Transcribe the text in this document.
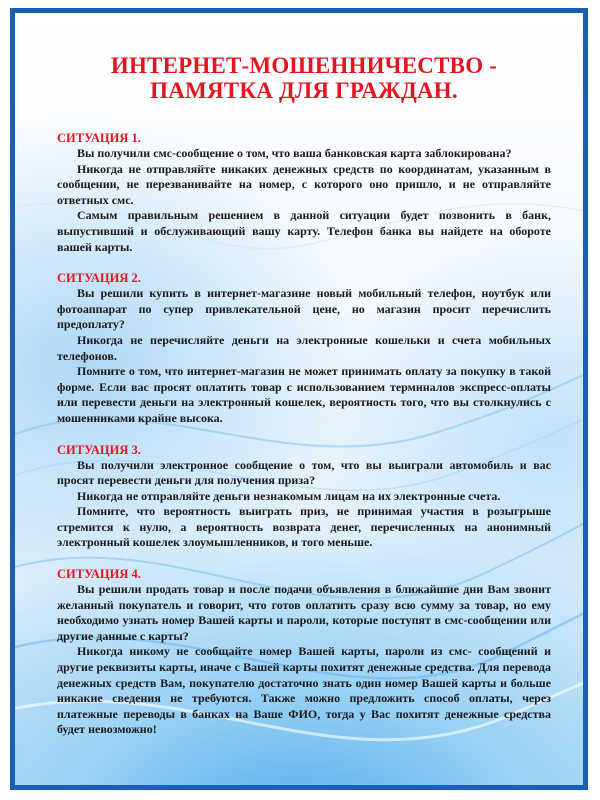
ИНТЕРНЕТ-МОШЕННИЧЕСТВО -
ПАМЯТКА ДЛЯ ГРАЖДАН.

СИТУАЦИЯ 1.

Вы получили смс-сообщение о том, что ваша банковская карта заблокирована?

Никогда не отправляйте никаких денежных средств по координатам, указанным в сообщении, не перезванивайте на номер, с которого оно пришло, и не отправляйте ответных смс.

Самым правильным решением в данной ситуации будет позвонить в банк, выпустивший и обслуживающий вашу карту. Телефон банка вы найдете на обороте вашей карты.

СИТУАЦИЯ 2.

Вы решили купить в интернет-магазине новый мобильный телефон, ноутбук или фотоаппарат по супер привлекательной цене, но магазин просит перечислить предоплату?

Никогда не перечисляйте деньги на электронные кошельки и счета мобильных телефонов.

Помните о том, что интернет-магазин не может принимать оплату за покупку в такой форме. Если вас просят оплатить товар с использованием терминалов экспресс-оплаты или перевести деньги на электронный кошелек, вероятность того, что вы столкнулись с мошенниками крайне высока.

СИТУАЦИЯ 3.

Вы получили электронное сообщение о том, что вы выиграли автомобиль и вас просят перевести деньги для получения приза?

Никогда не отправляйте деньги незнакомым лицам на их электронные счета.

Помните, что вероятность выиграть приз, не принимая участия в розыгрыше стремится к нулю, а вероятность возврата денег, перечисленных на анонимный электронный кошелек злоумышленников, и того меньше.

СИТУАЦИЯ 4.

Вы решили продать товар и после подачи объявления в ближайшие дни Вам звонит желанный покупатель и говорит, что готов оплатить сразу всю сумму за товар, но ему необходимо узнать номер Вашей карты и пароли, которые поступят в смс-сообщении или другие данные с карты?

Никогда никому не сообщайте номер Вашей карты, пароли из смс- сообщений и другие реквизиты карты, иначе с Вашей карты похитят денежные средства. Для перевода денежных средств Вам, покупателю достаточно знать один номер Вашей карты и больше никакие сведения не требуются. Также можно предложить способ оплаты, через платежные переводы в банках на Ваше ФИО, тогда у Вас похитят денежные средства будет невозможно!
